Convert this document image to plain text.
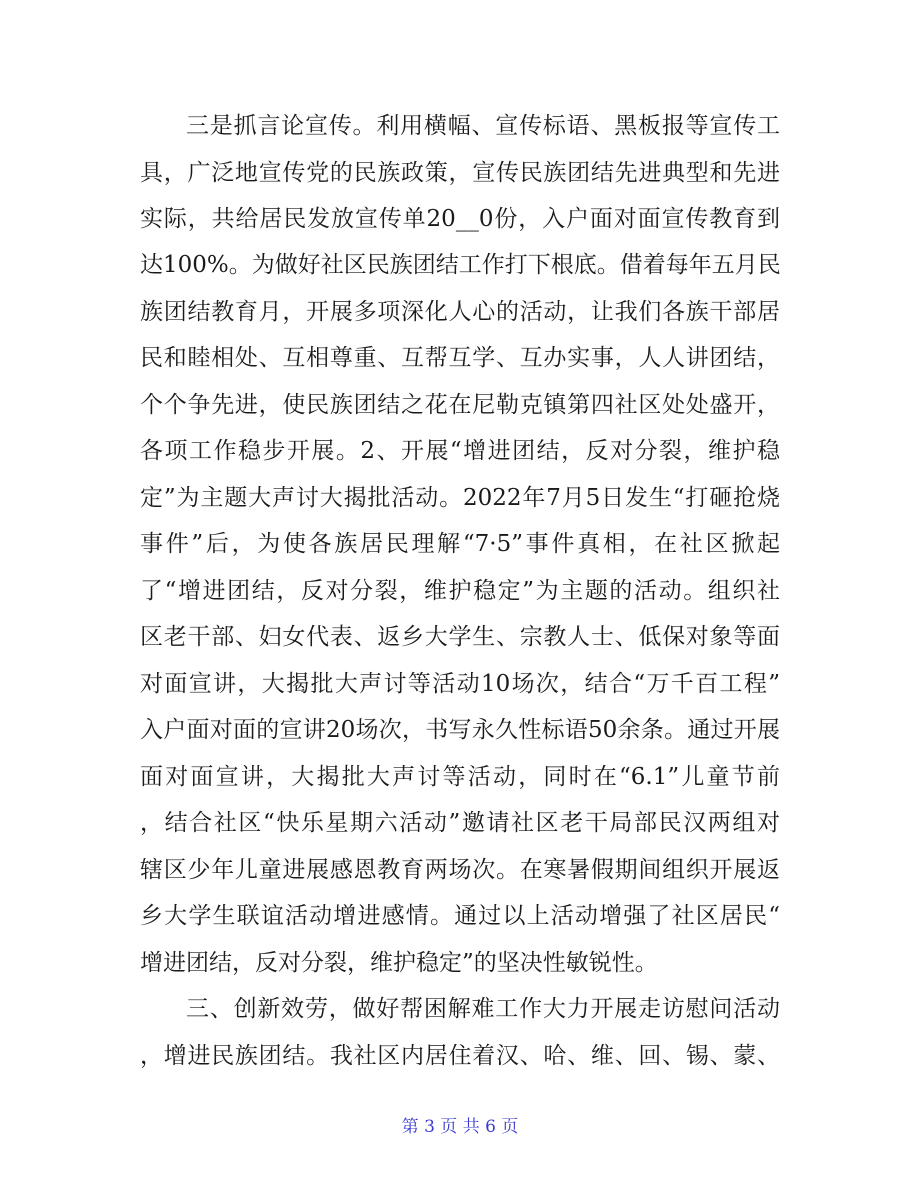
三是抓言论宣传。利用横幅、宣传标语、黑板报等宣传工
具，广泛地宣传党的民族政策，宣传民族团结先进典型和先进
实际，共给居民发放宣传单20__0份，入户面对面宣传教育到
达100%。为做好社区民族团结工作打下根底。借着每年五月民
族团结教育月，开展多项深化人心的活动，让我们各族干部居
民和睦相处、互相尊重、互帮互学、互办实事，人人讲团结，
个个争先进，使民族团结之花在尼勒克镇第四社区处处盛开，
各项工作稳步开展。2、开展“增进团结，反对分裂，维护稳
定”为主题大声讨大揭批活动。2022年7月5日发生“打砸抢烧
事件”后，为使各族居民理解“7·5”事件真相，在社区掀起
了“增进团结，反对分裂，维护稳定”为主题的活动。组织社
区老干部、妇女代表、返乡大学生、宗教人士、低保对象等面
对面宣讲，大揭批大声讨等活动10场次，结合“万千百工程”
入户面对面的宣讲20场次，书写永久性标语50余条。通过开展
面对面宣讲，大揭批大声讨等活动，同时在“6.1”儿童节前
，结合社区“快乐星期六活动”邀请社区老干局部民汉两组对
辖区少年儿童进展感恩教育两场次。在寒暑假期间组织开展返
乡大学生联谊活动增进感情。通过以上活动增强了社区居民“
增进团结，反对分裂，维护稳定”的坚决性敏锐性。
三、创新效劳，做好帮困解难工作大力开展走访慰问活动
，增进民族团结。我社区内居住着汉、哈、维、回、锡、蒙、
第 3 页 共 6 页
